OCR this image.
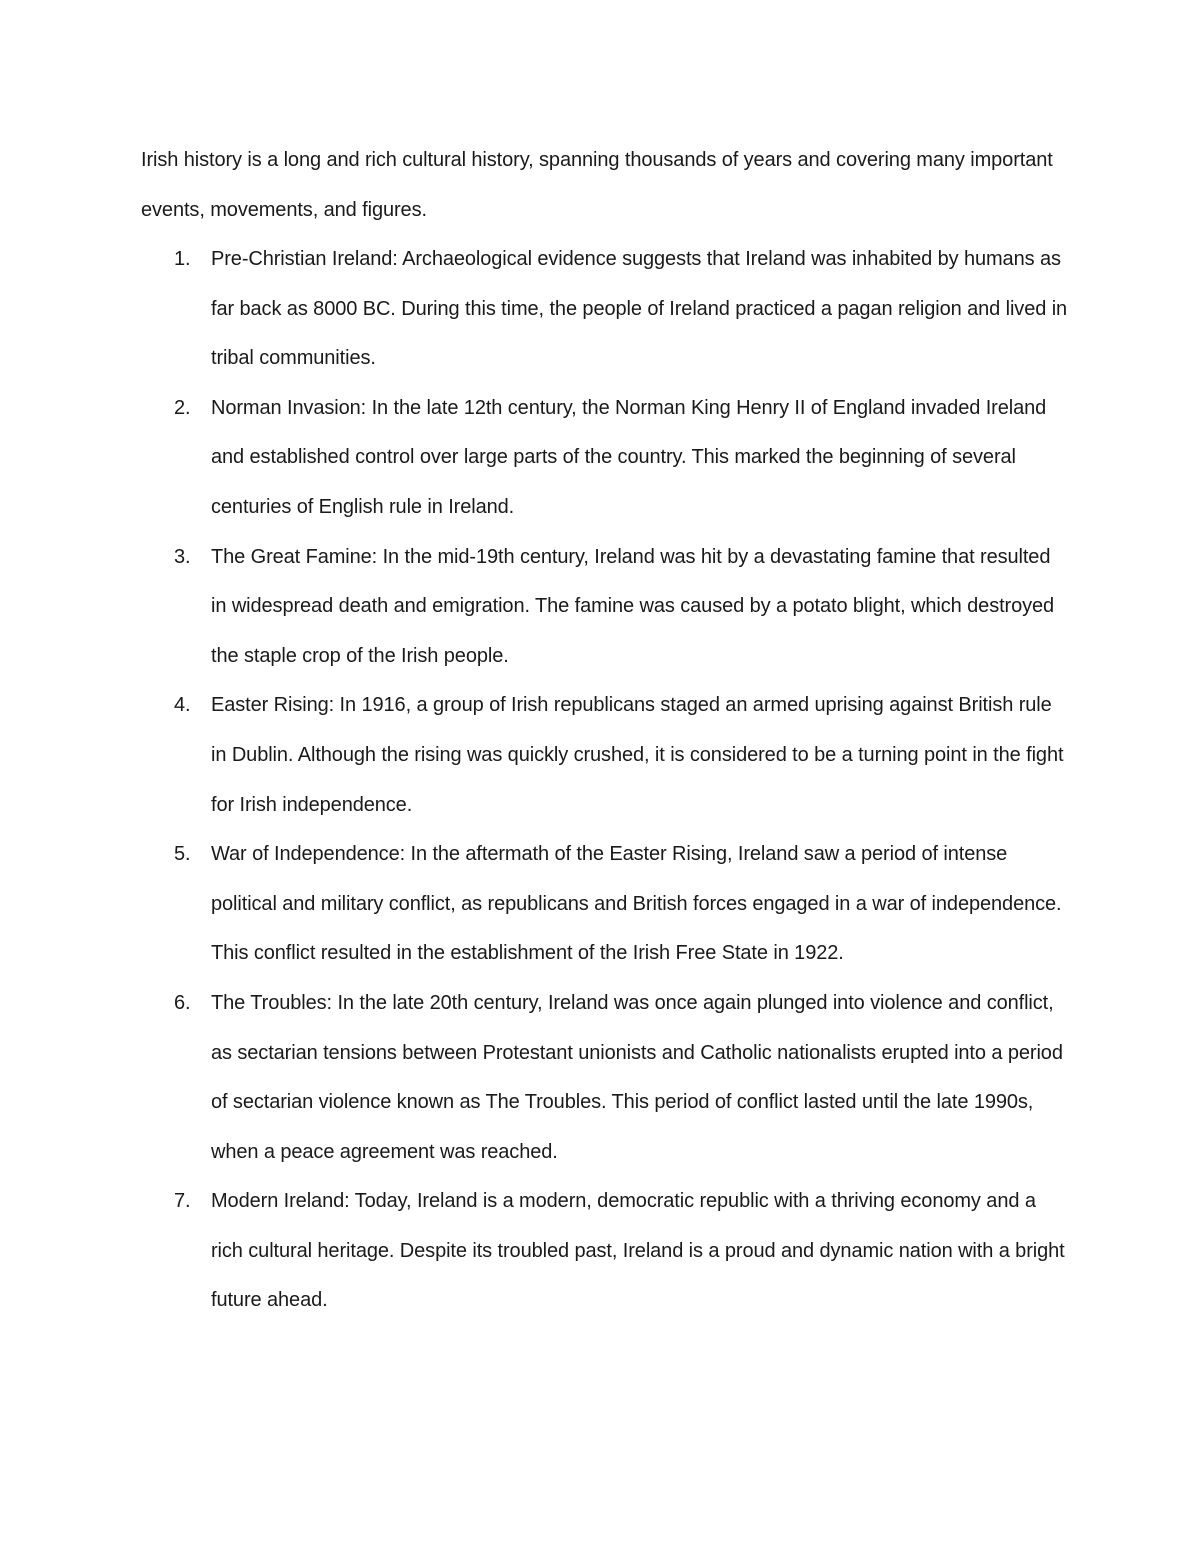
Irish history is a long and rich cultural history, spanning thousands of years and covering many important events, movements, and figures.

1. Pre-Christian Ireland: Archaeological evidence suggests that Ireland was inhabited by humans as far back as 8000 BC. During this time, the people of Ireland practiced a pagan religion and lived in tribal communities.
2. Norman Invasion: In the late 12th century, the Norman King Henry II of England invaded Ireland and established control over large parts of the country. This marked the beginning of several centuries of English rule in Ireland.
3. The Great Famine: In the mid-19th century, Ireland was hit by a devastating famine that resulted in widespread death and emigration. The famine was caused by a potato blight, which destroyed the staple crop of the Irish people.
4. Easter Rising: In 1916, a group of Irish republicans staged an armed uprising against British rule in Dublin. Although the rising was quickly crushed, it is considered to be a turning point in the fight for Irish independence.
5. War of Independence: In the aftermath of the Easter Rising, Ireland saw a period of intense political and military conflict, as republicans and British forces engaged in a war of independence. This conflict resulted in the establishment of the Irish Free State in 1922.
6. The Troubles: In the late 20th century, Ireland was once again plunged into violence and conflict, as sectarian tensions between Protestant unionists and Catholic nationalists erupted into a period of sectarian violence known as The Troubles. This period of conflict lasted until the late 1990s, when a peace agreement was reached.
7. Modern Ireland: Today, Ireland is a modern, democratic republic with a thriving economy and a rich cultural heritage. Despite its troubled past, Ireland is a proud and dynamic nation with a bright future ahead.
